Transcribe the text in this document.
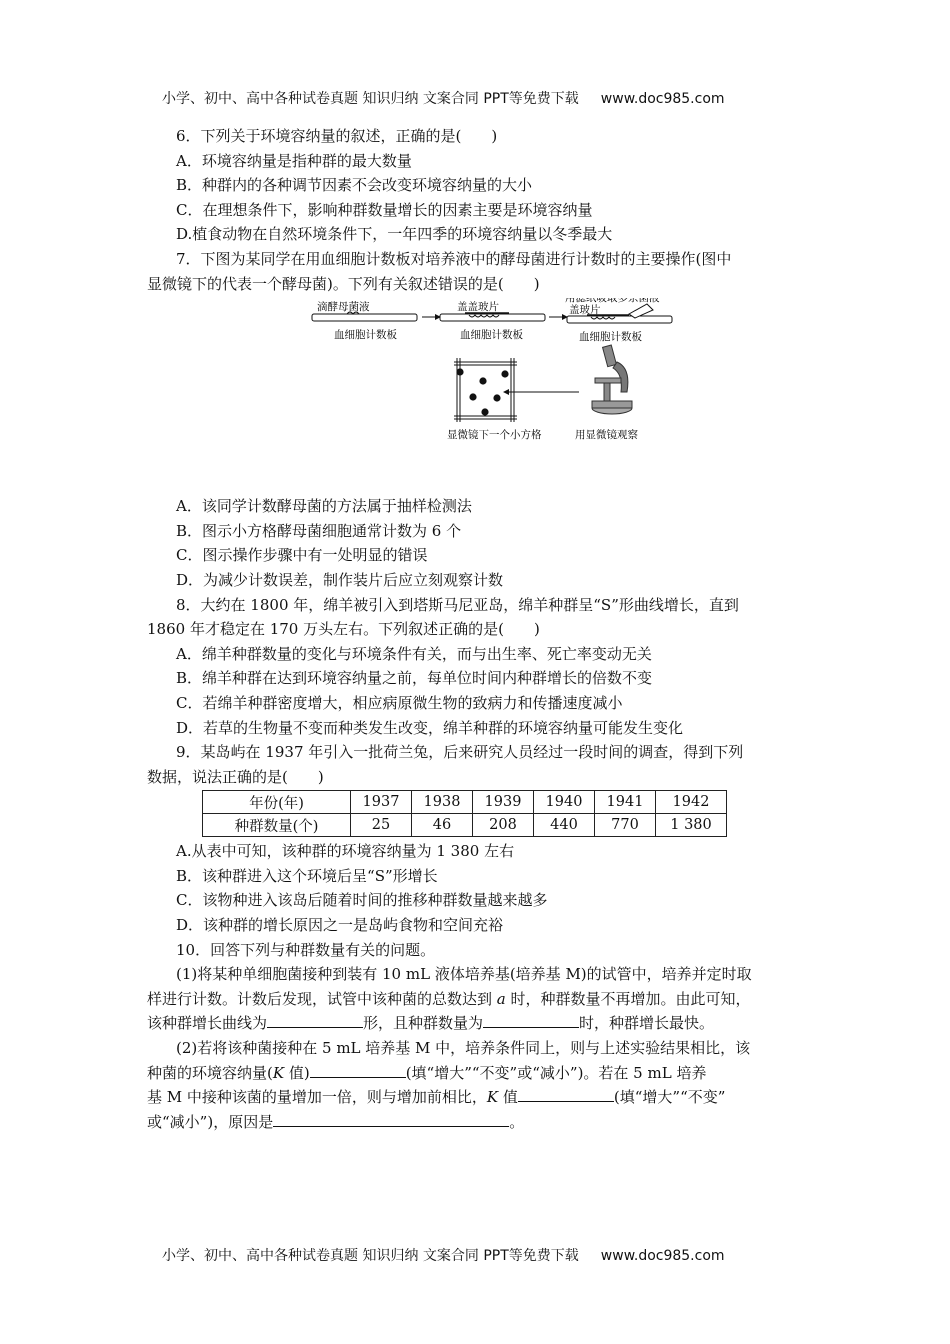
小学、初中、高中各种试卷真题 知识归纳 文案合同 PPT等免费下载 www.doc985.com
6．下列关于环境容纳量的叙述，正确的是(　　)
A．环境容纳量是指种群的最大数量
B．种群内的各种调节因素不会改变环境容纳量的大小
C．在理想条件下，影响种群数量增长的因素主要是环境容纳量
D.植食动物在自然环境条件下，一年四季的环境容纳量以冬季最大
7．下图为某同学在用血细胞计数板对培养液中的酵母菌进行计数时的主要操作(图中
显微镜下的代表一个酵母菌)。下列有关叙述错误的是(　　)
滴酵母菌液
血细胞计数板
盖盖玻片
血细胞计数板
用滤纸吸取多余菌液
盖玻片
血细胞计数板
用显微镜观察
显微镜下一个小方格
A．该同学计数酵母菌的方法属于抽样检测法
B．图示小方格酵母菌细胞通常计数为 6 个
C．图示操作步骤中有一处明显的错误
D．为减少计数误差，制作装片后应立刻观察计数
8．大约在 1800 年，绵羊被引入到塔斯马尼亚岛，绵羊种群呈“S”形曲线增长，直到
1860 年才稳定在 170 万头左右。下列叙述正确的是(　　)
A．绵羊种群数量的变化与环境条件有关，而与出生率、死亡率变动无关
B．绵羊种群在达到环境容纳量之前，每单位时间内种群增长的倍数不变
C．若绵羊种群密度增大，相应病原微生物的致病力和传播速度减小
D．若草的生物量不变而种类发生改变，绵羊种群的环境容纳量可能发生变化
9．某岛屿在 1937 年引入一批荷兰兔，后来研究人员经过一段时间的调查，得到下列
数据，说法正确的是(　　)
年份(年)	1937	1938	1939	1940	1941	1942
种群数量(个)	25	46	208	440	770	1 380
A.从表中可知，该种群的环境容纳量为 1 380 左右
B．该种群进入这个环境后呈“S”形增长
C．该物种进入该岛后随着时间的推移种群数量越来越多
D．该种群的增长原因之一是岛屿食物和空间充裕
10．回答下列与种群数量有关的问题。
(1)将某种单细胞菌接种到装有 10 mL 液体培养基(培养基 M)的试管中，培养并定时取
样进行计数。计数后发现，试管中该种菌的总数达到 a 时，种群数量不再增加。由此可知，
该种群增长曲线为	形，且种群数量为	时，种群增长最快。
(2)若将该种菌接种在 5 mL 培养基 M 中，培养条件同上，则与上述实验结果相比，该
种菌的环境容纳量(K 值)	(填“增大”“不变”或“减小”)。若在 5 mL 培养
基 M 中接种该菌的量增加一倍，则与增加前相比，K 值	(填“增大”“不变”
或“减小”)，原因是	。
小学、初中、高中各种试卷真题 知识归纳 文案合同 PPT等免费下载 www.doc985.com
